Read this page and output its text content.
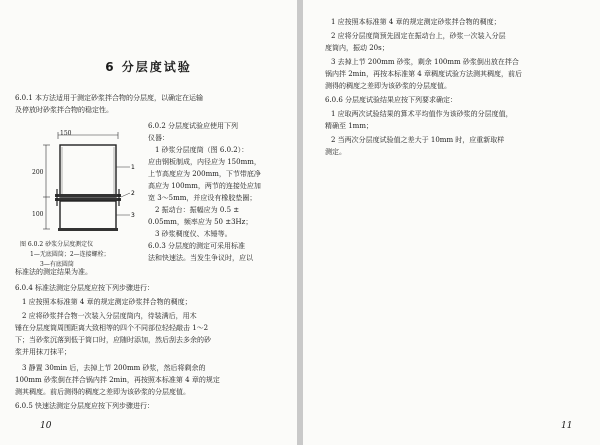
6 分层度试验
6.0.1 本方法适用于测定砂浆拌合物的分层度，以确定在运输
及停放时砂浆拌合物的稳定性。
1
2
3
150
200
100
图 6.0.2 砂浆分层度测定仪
1—无底圆筒；2—连接螺栓；
3—有底圆筒
6.0.2 分层度试验应使用下列
仪器：
1 砂浆分层度筒（图 6.0.2）：
应由钢板制成，内径应为 150mm，
上节高度应为 200mm，下节带底净
高应为 100mm，两节的连接处应加
宽 3～5mm，并应设有橡胶垫圈；
2 振动台：振幅应为 0.5 ±
0.05mm，频率应为 50 ±3Hz；
3 砂浆稠度仪、木锤等。
6.0.3 分层度的测定可采用标准
法和快速法。当发生争议时，应以
标准法的测定结果为准。
6.0.4 标准法测定分层度应按下列步骤进行：
1 应按照本标准第 4 章的规定测定砂浆拌合物的稠度；
2 应将砂浆拌合物一次装入分层度筒内，待装满后，用木
锤在分层度筒周围距离大致相等的四个不同部位轻轻敲击 1～2
下；当砂浆沉落到低于筒口时，应随时添加，然后刮去多余的砂
浆并用抹刀抹平；
3 静置 30min 后，去掉上节 200mm 砂浆，然后将剩余的
100mm 砂浆倒在拌合锅内拌 2min，再按照本标准第 4 章的规定
测其稠度。前后测得的稠度之差即为该砂浆的分层度值。
6.0.5 快速法测定分层度应按下列步骤进行：
10
1 应按照本标准第 4 章的规定测定砂浆拌合物的稠度；
2 应将分层度筒预先固定在振动台上，砂浆一次装入分层
度筒内，振动 20s；
3 去掉上节 200mm 砂浆，剩余 100mm 砂浆倒出放在拌合
锅内拌 2min，再按本标准第 4 章稠度试验方法测其稠度，前后
测得的稠度之差即为该砂浆的分层度值。
6.0.6 分层度试验结果应按下列要求确定：
1 应取两次试验结果的算术平均值作为该砂浆的分层度值，
精确至 1mm；
2 当两次分层度试验值之差大于 10mm 时，应重新取样
测定。
11
